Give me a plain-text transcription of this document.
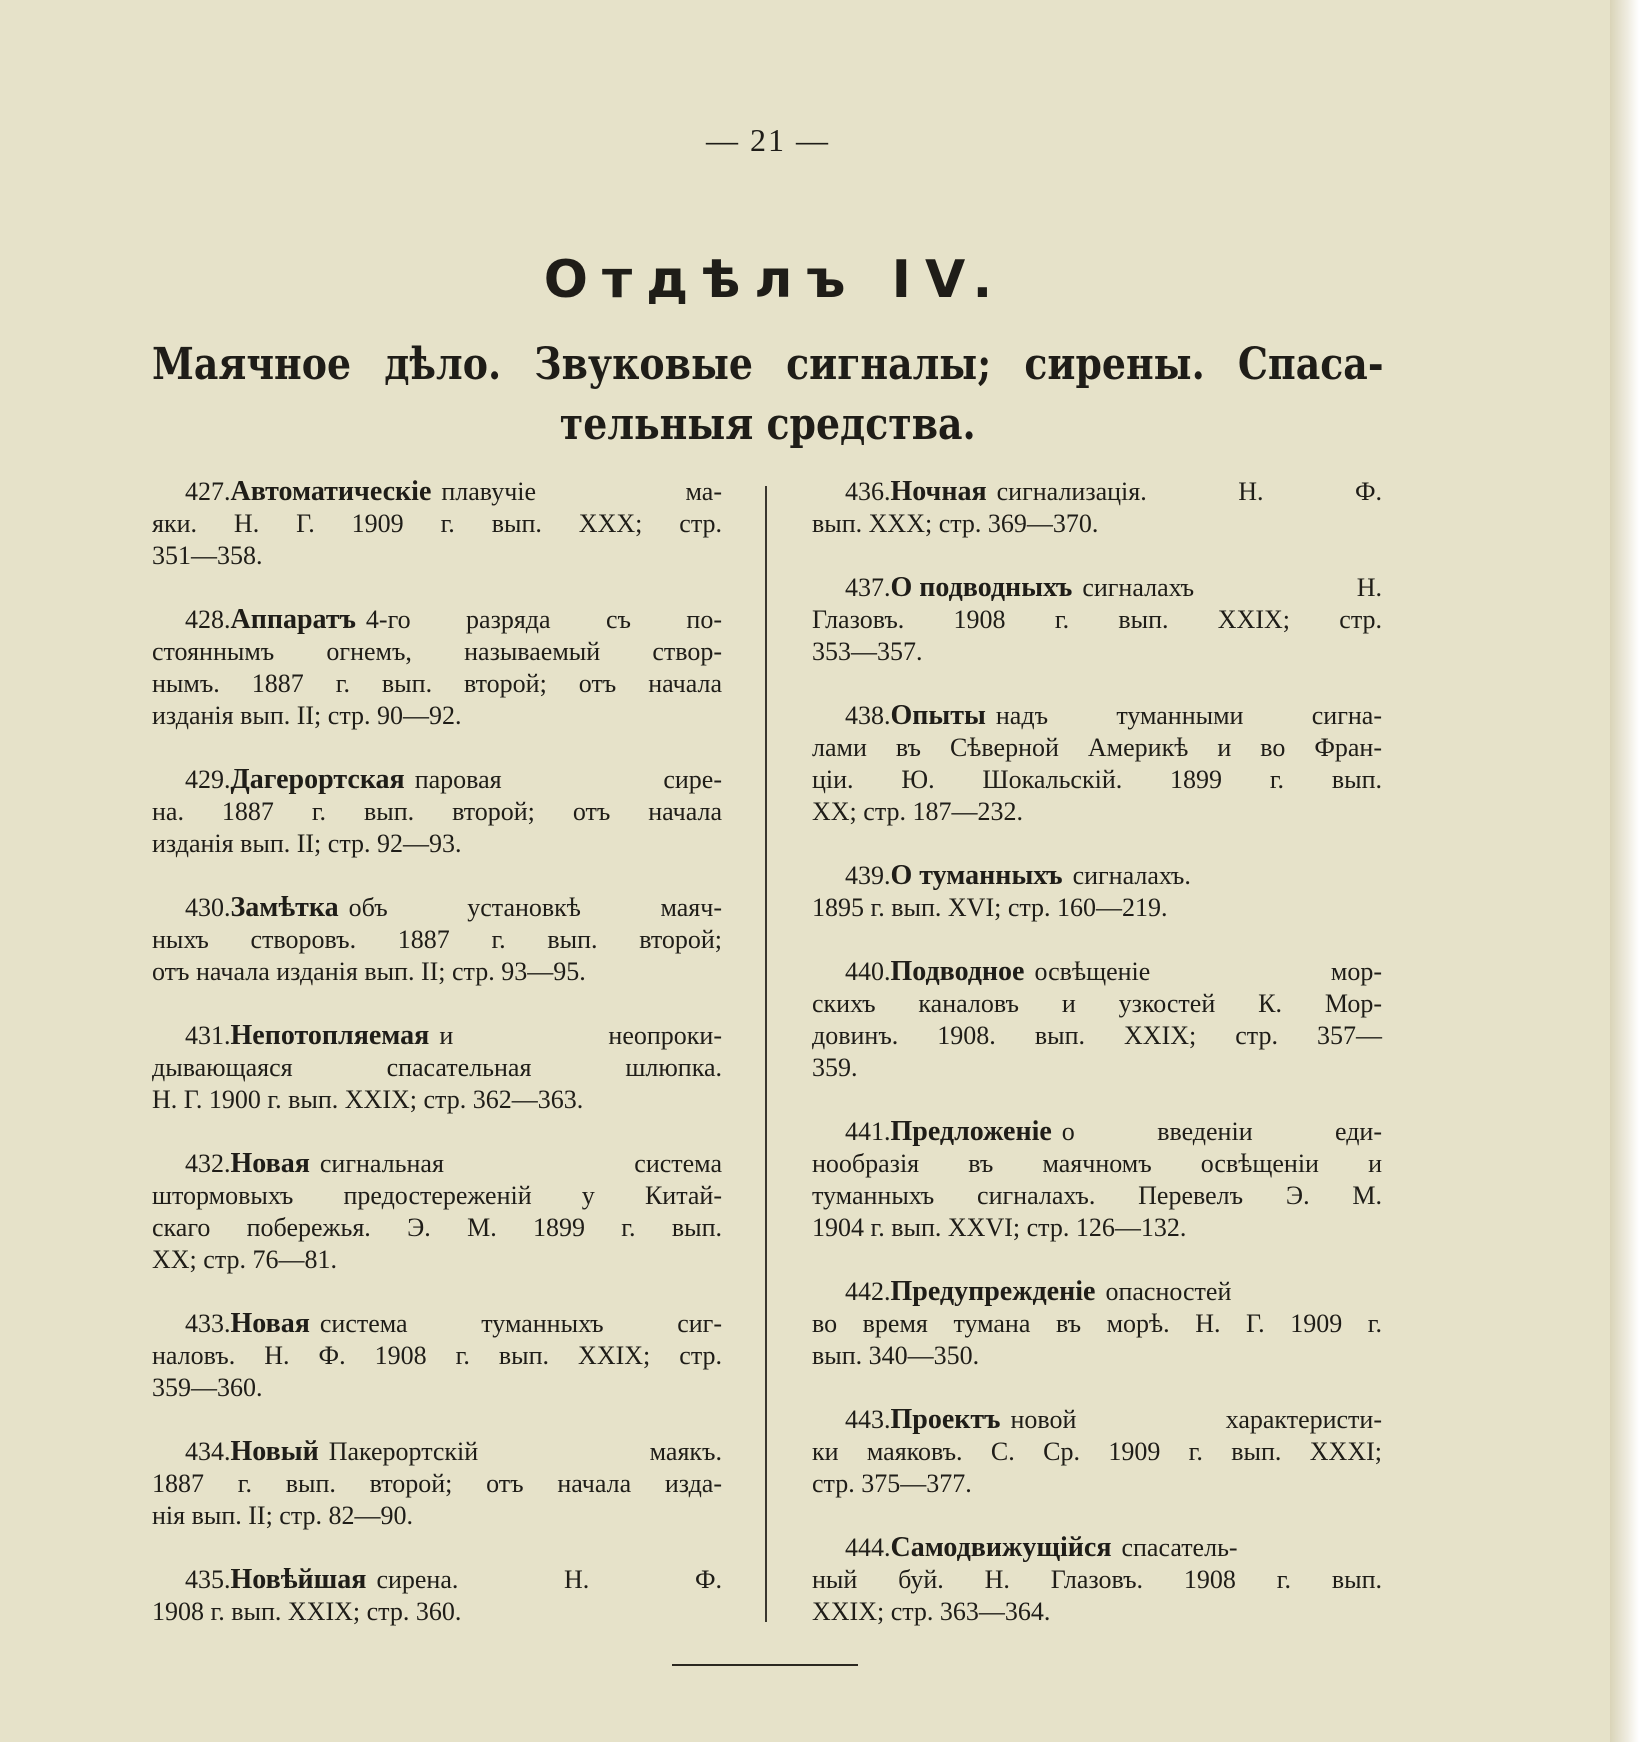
— 21 —
Отдѣлъ IV.
Маячное дѣло. Звуковые сигналы; сирены. Спаса-
тельныя средства.
427. Автоматическіе плавучіе ма-
яки. Н. Г. 1909 г. вып. XXX; стр.
351—358.
428. Аппаратъ 4-го разряда съ по-
стояннымъ огнемъ, называемый створ-
нымъ. 1887 г. вып. второй; отъ начала
изданія вып. II; стр. 90—92.
429. Дагерортская паровая сире-
на. 1887 г. вып. второй; отъ начала
изданія вып. II; стр. 92—93.
430. Замѣтка объ установкѣ маяч-
ныхъ створовъ. 1887 г. вып. второй;
отъ начала изданія вып. II; стр. 93—95.
431. Непотопляемая и неопроки-
дывающаяся спасательная шлюпка.
Н. Г. 1900 г. вып. XXIX; стр. 362—363.
432. Новая сигнальная система
штормовыхъ предостереженій у Китай-
скаго побережья. Э. М. 1899 г. вып.
XX; стр. 76—81.
433. Новая система туманныхъ сиг-
наловъ. Н. Ф. 1908 г. вып. XXIX; стр.
359—360.
434. Новый Пакерортскій маякъ.
1887 г. вып. второй; отъ начала изда-
нія вып. II; стр. 82—90.
435. Новѣйшая сирена. Н. Ф.
1908 г. вып. XXIX; стр. 360.
436. Ночная сигнализація. Н. Ф.
вып. XXX; стр. 369—370.
437. О подводныхъ сигналахъ Н.
Глазовъ. 1908 г. вып. XXIX; стр.
353—357.
438. Опыты надъ туманными сигна-
лами въ Сѣверной Америкѣ и во Фран-
ціи. Ю. Шокальскій. 1899 г. вып.
XX; стр. 187—232.
439. О туманныхъ сигналахъ.
1895 г. вып. XVI; стр. 160—219.
440. Подводное освѣщеніе мор-
скихъ каналовъ и узкостей К. Мор-
довинъ. 1908. вып. XXIX; стр. 357—
359.
441. Предложеніе о введеніи еди-
нообразія въ маячномъ освѣщеніи и
туманныхъ сигналахъ. Перевелъ Э. М.
1904 г. вып. XXVI; стр. 126—132.
442. Предупрежденіе опасностей
во время тумана въ морѣ. Н. Г. 1909 г.
вып. 340—350.
443. Проектъ новой характеристи-
ки маяковъ. С. Ср. 1909 г. вып. XXXI;
стр. 375—377.
444. Самодвижущійся спасатель-
ный буй. Н. Глазовъ. 1908 г. вып.
XXIX; стр. 363—364.
